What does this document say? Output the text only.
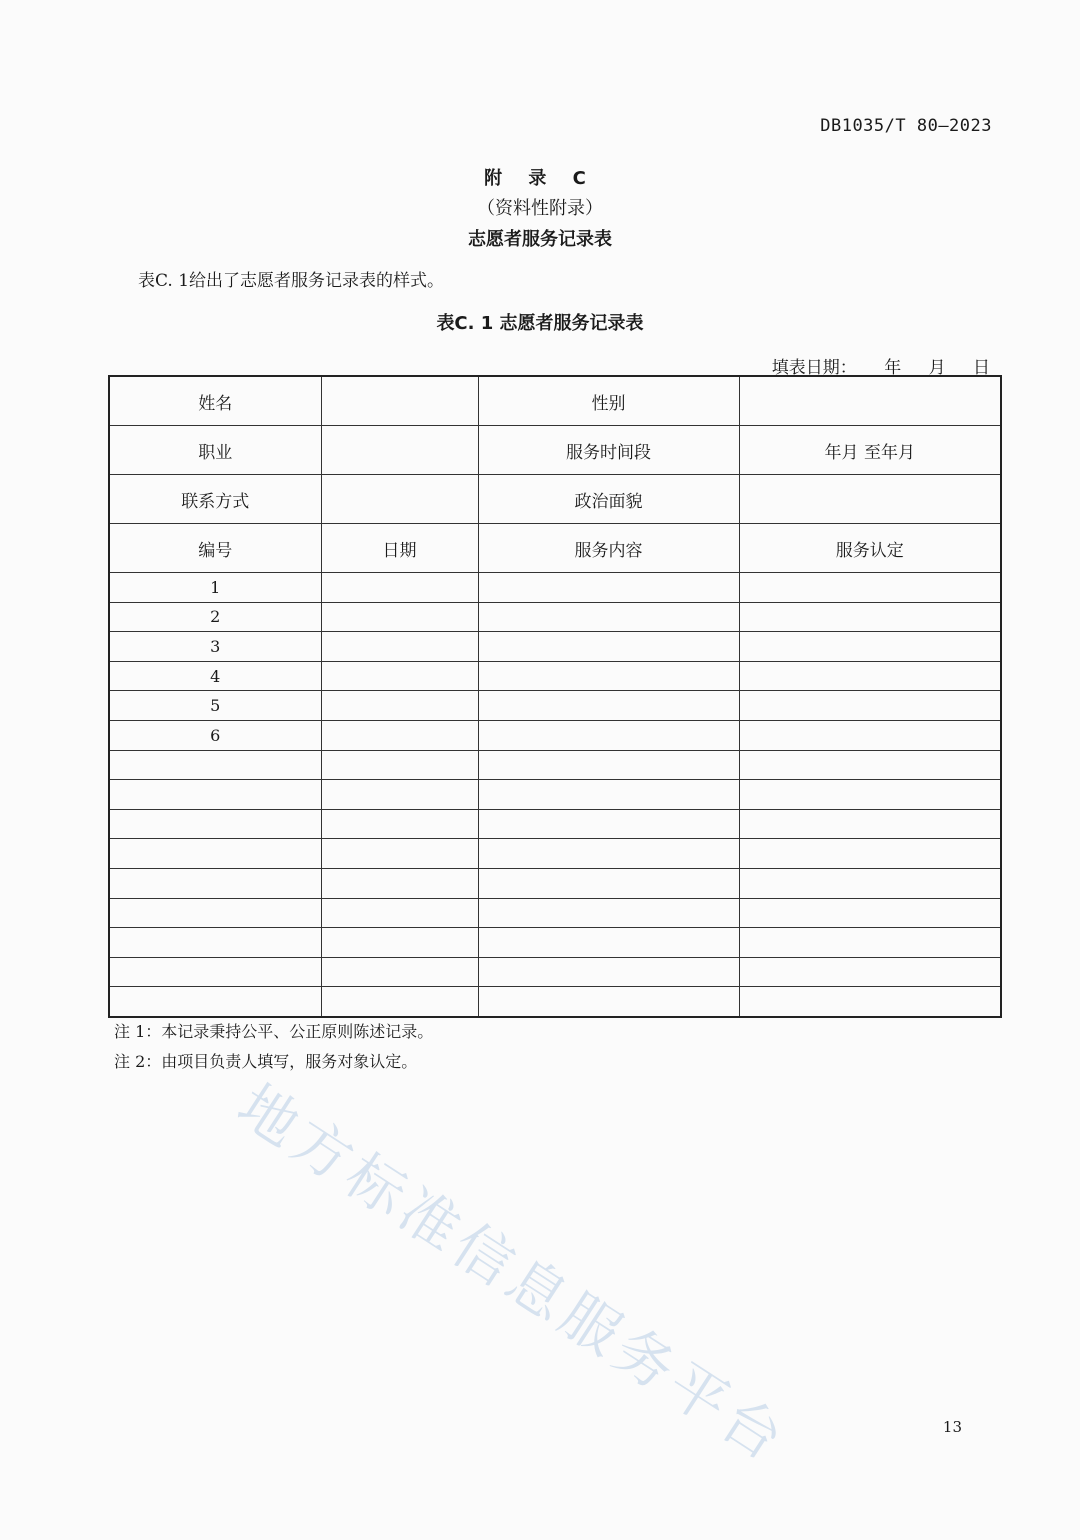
DB1035/T 80—2023
附 录 C
（资料性附录）
志愿者服务记录表
表C. 1给出了志愿者服务记录表的样式。
表C. 1 志愿者服务记录表
填表日期： 年 月 日
姓名		性别	
职业		服务时间段	年月 至年月
联系方式		政治面貌	
编号	日期	服务内容	服务认定
1			
2			
3			
4			
5			
6			

注 1：本记录秉持公平、公正原则陈述记录。
注 2：由项目负责人填写，服务对象认定。
13
地方标准信息服务平台
